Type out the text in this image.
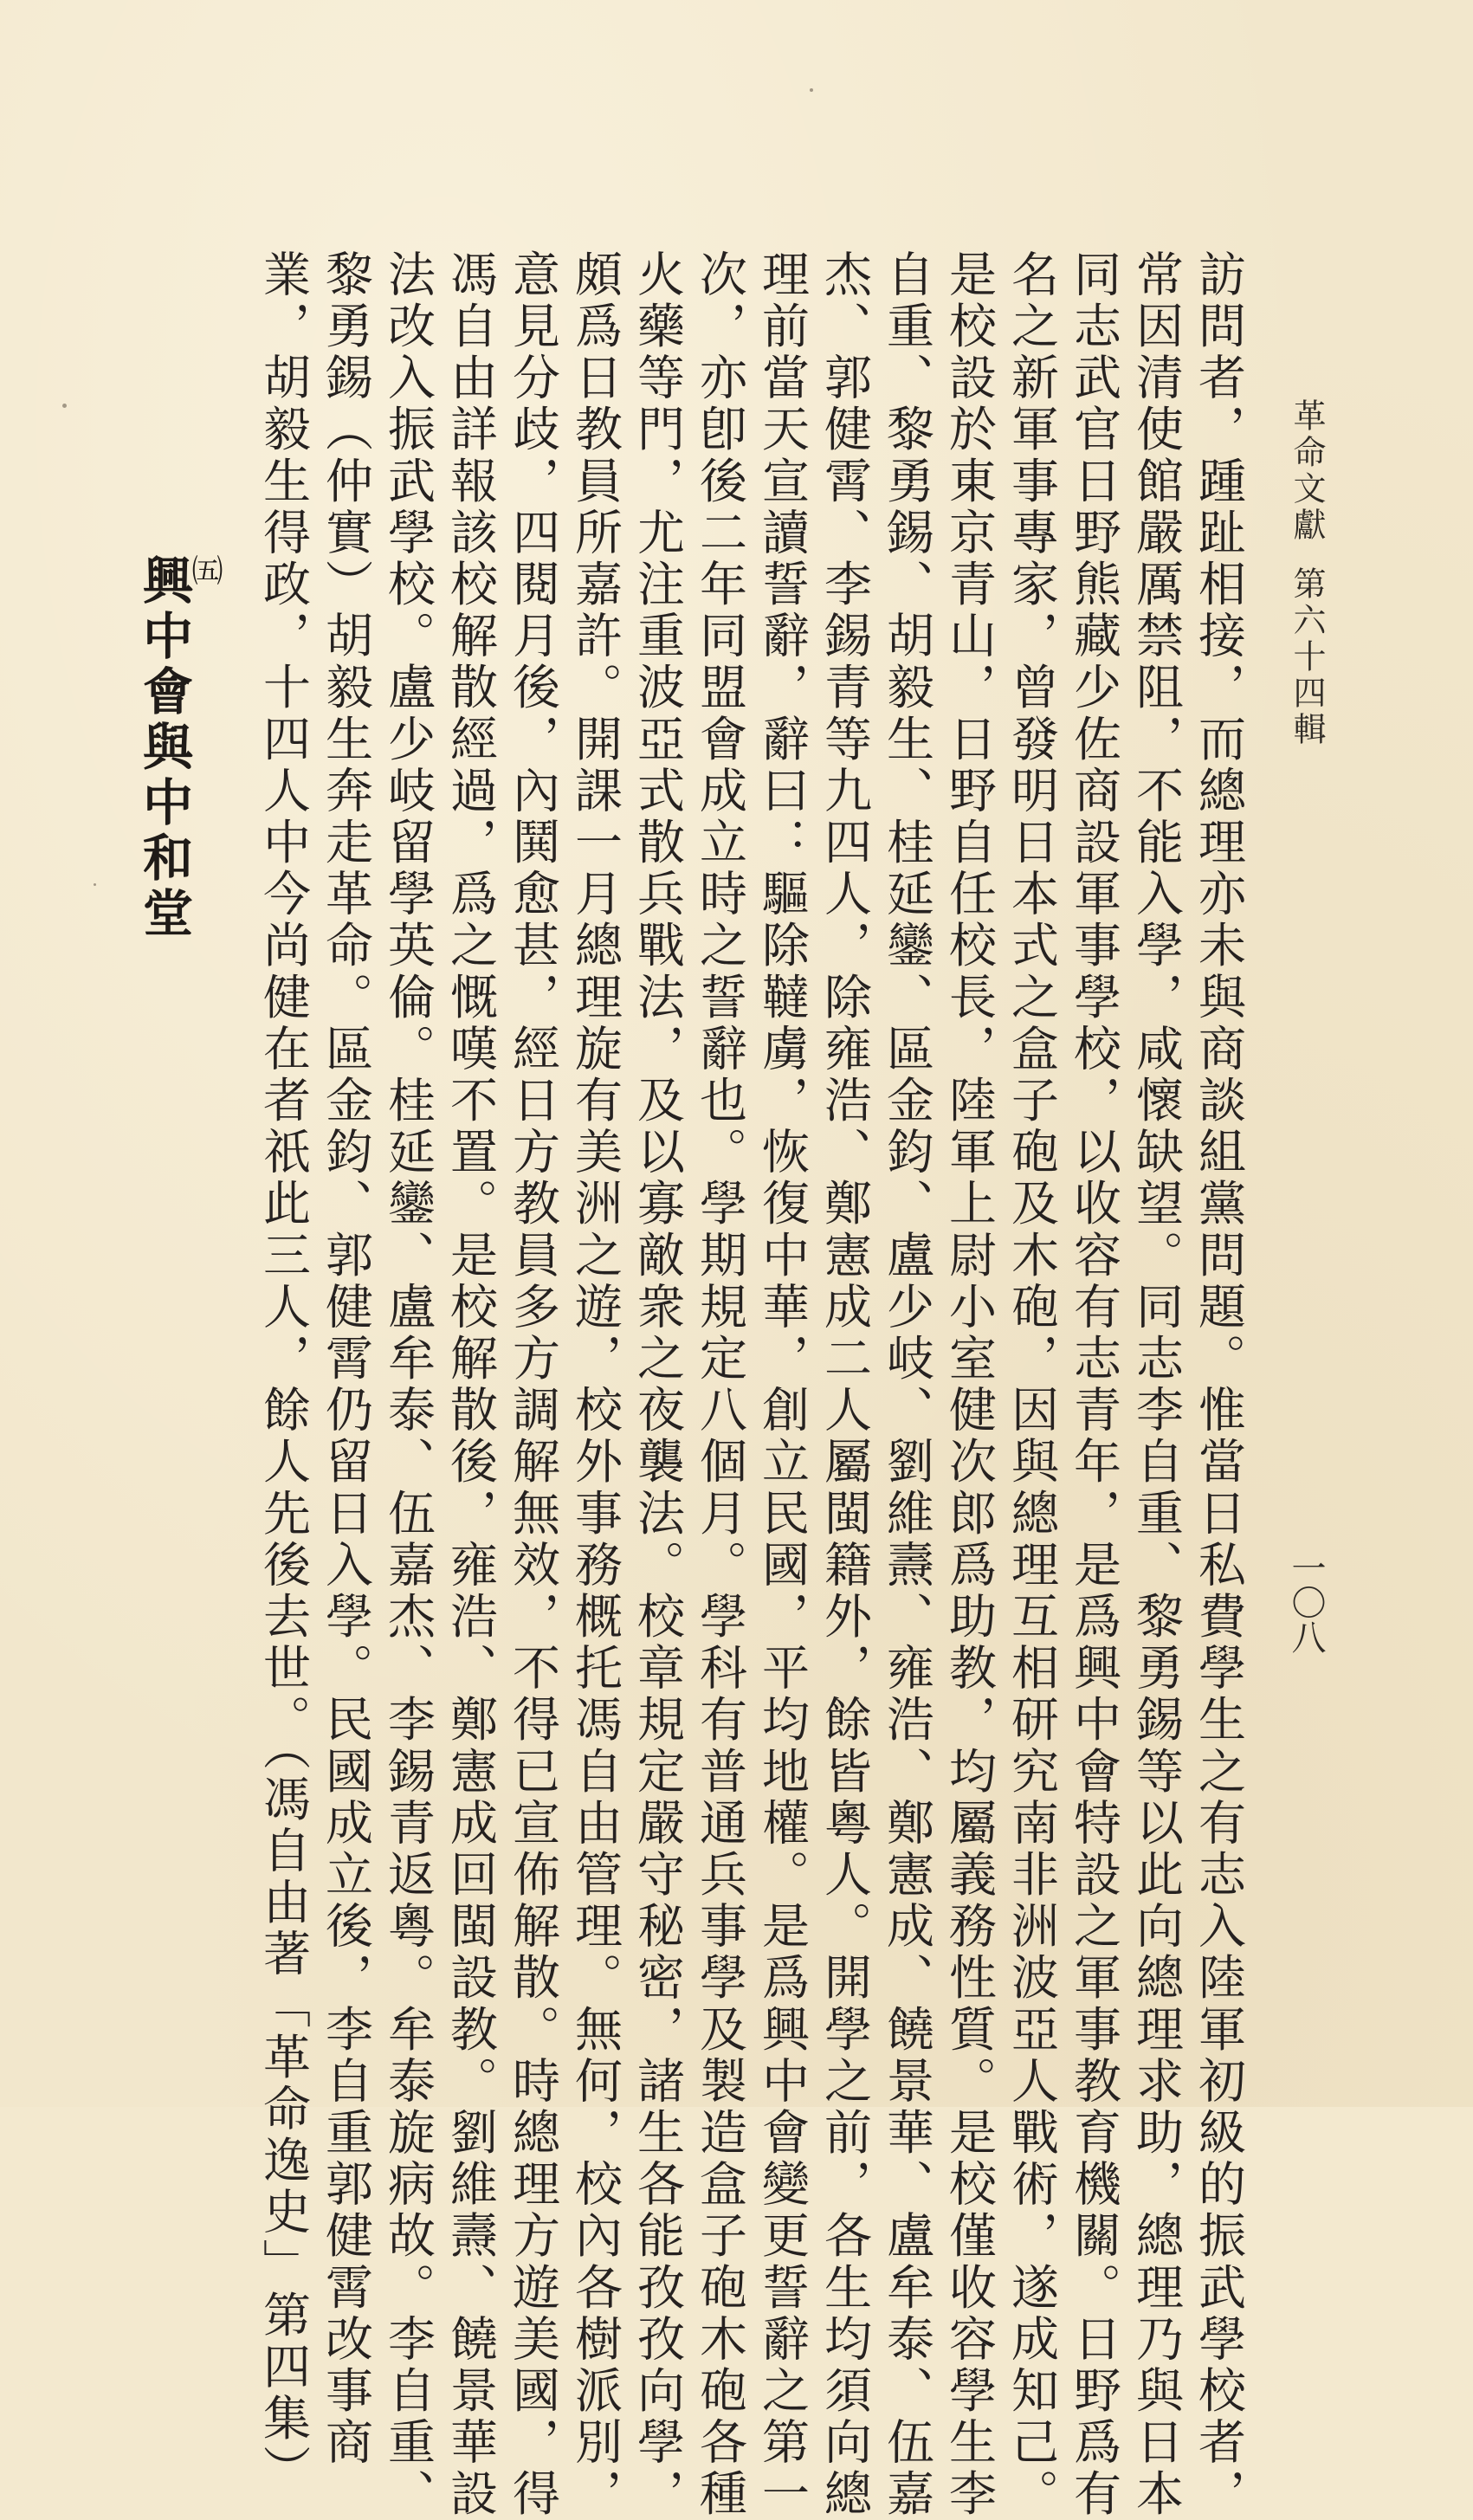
革命文獻第六十四輯
一〇八
訪問者，踵趾相接，而總理亦未與商談組黨問題。惟當日私費學生之有志入陸軍初級的振武學校者，
常因清使館嚴厲禁阻，不能入學，咸懷缺望。同志李自重、黎勇錫等以此向總理求助，總理乃與日本
同志武官日野熊藏少佐商設軍事學校，以收容有志青年，是爲興中會特設之軍事教育機關。日野爲有
名之新軍事專家，曾發明日本式之盒子砲及木砲，因與總理互相研究南非洲波亞人戰術，遂成知己。
是校設於東京青山，日野自任校長，陸軍上尉小室健次郎爲助教，均屬義務性質。是校僅收容學生李
自重、黎勇錫、胡毅生、桂延鑾、區金鈞、盧少岐、劉維燾、雍浩、鄭憲成、饒景華、盧牟泰、伍嘉
杰、郭健霄、李錫青等九四人，除雍浩、鄭憲成二人屬閩籍外，餘皆粵人。開學之前，各生均須向總
理前當天宣讀誓辭，辭曰：驅除韃虜，恢復中華，創立民國，平均地權。是爲興中會變更誓辭之第一
次，亦卽後二年同盟會成立時之誓辭也。學期規定八個月。學科有普通兵事學及製造盒子砲木砲各種
火藥等門，尤注重波亞式散兵戰法，及以寡敵衆之夜襲法。校章規定嚴守秘密，諸生各能孜孜向學，
頗爲日教員所嘉許。開課一月總理旋有美洲之遊，校外事務概托馮自由管理。無何，校內各樹派別，
意見分歧，四閱月後，內鬨愈甚，經日方教員多方調解無效，不得已宣佈解散。時總理方遊美國，得
馮自由詳報該校解散經過，爲之慨嘆不置。是校解散後，雍浩、鄭憲成回閩設教。劉維燾、饒景華設
法改入振武學校。盧少岐留學英倫。桂延鑾、盧牟泰、伍嘉杰、李錫青返粵。牟泰旋病故。李自重、
黎勇錫（仲實）胡毅生奔走革命。區金鈞、郭健霄仍留日入學。民國成立後，李自重郭健霄改事商
業，胡毅生得政，十四人中今尚健在者祇此三人，餘人先後去世。（馮自由著「革命逸史」第四集）
㈤
興中會與中和堂
